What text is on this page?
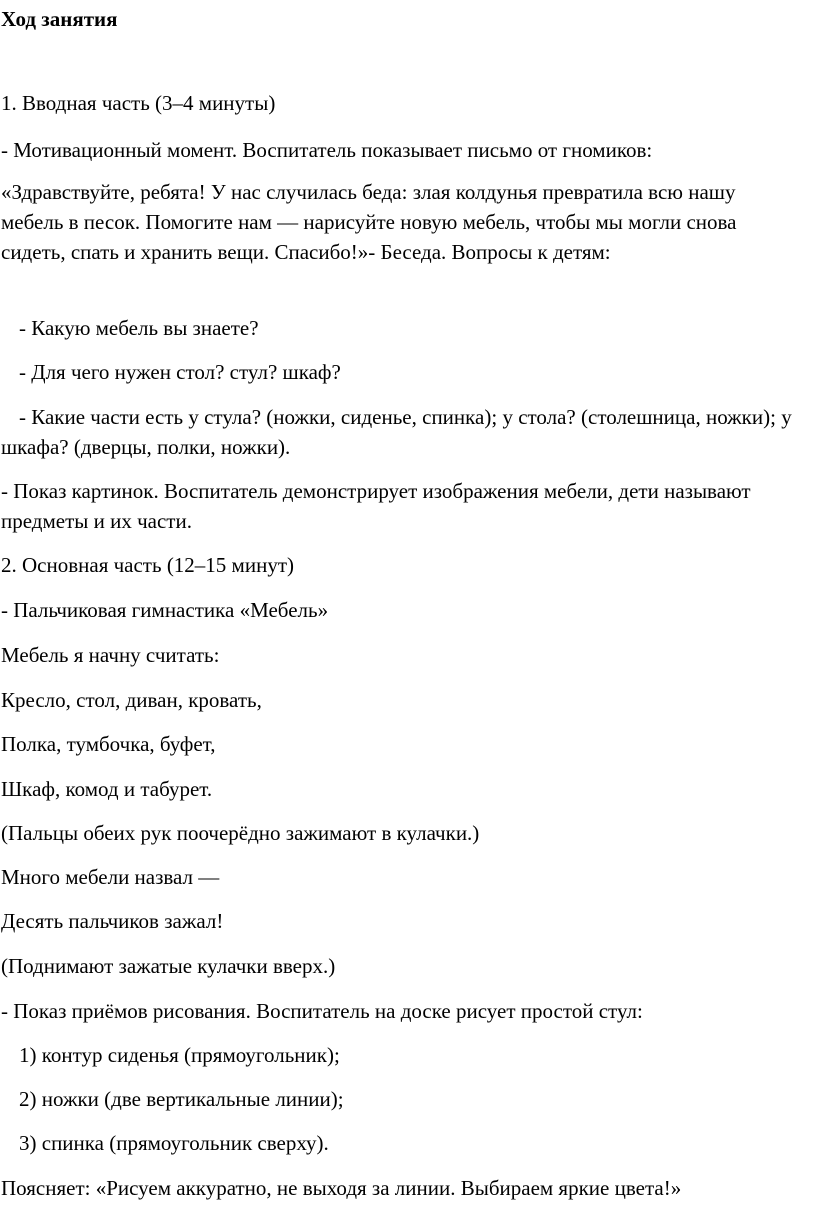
Ход занятия

1. Вводная часть (3–4 минуты)

- Мотивационный момент. Воспитатель показывает письмо от гномиков:

«Здравствуйте, ребята! У нас случилась беда: злая колдунья превратила всю нашу мебель в песок. Помогите нам — нарисуйте новую мебель, чтобы мы могли снова сидеть, спать и хранить вещи. Спасибо!»- Беседа. Вопросы к детям:

- Какую мебель вы знаете?

- Для чего нужен стол? стул? шкаф?

- Какие части есть у стула? (ножки, сиденье, спинка); у стола? (столешница, ножки); у шкафа? (дверцы, полки, ножки).

- Показ картинок. Воспитатель демонстрирует изображения мебели, дети называют предметы и их части.

2. Основная часть (12–15 минут)

- Пальчиковая гимнастика «Мебель»

Мебель я начну считать:

Кресло, стол, диван, кровать,

Полка, тумбочка, буфет,

Шкаф, комод и табурет.

(Пальцы обеих рук поочерёдно зажимают в кулачки.)

Много мебели назвал —

Десять пальчиков зажал!

(Поднимают зажатые кулачки вверх.)

- Показ приёмов рисования. Воспитатель на доске рисует простой стул:

1) контур сиденья (прямоугольник);

2) ножки (две вертикальные линии);

3) спинка (прямоугольник сверху).

Поясняет: «Рисуем аккуратно, не выходя за линии. Выбираем яркие цвета!»
